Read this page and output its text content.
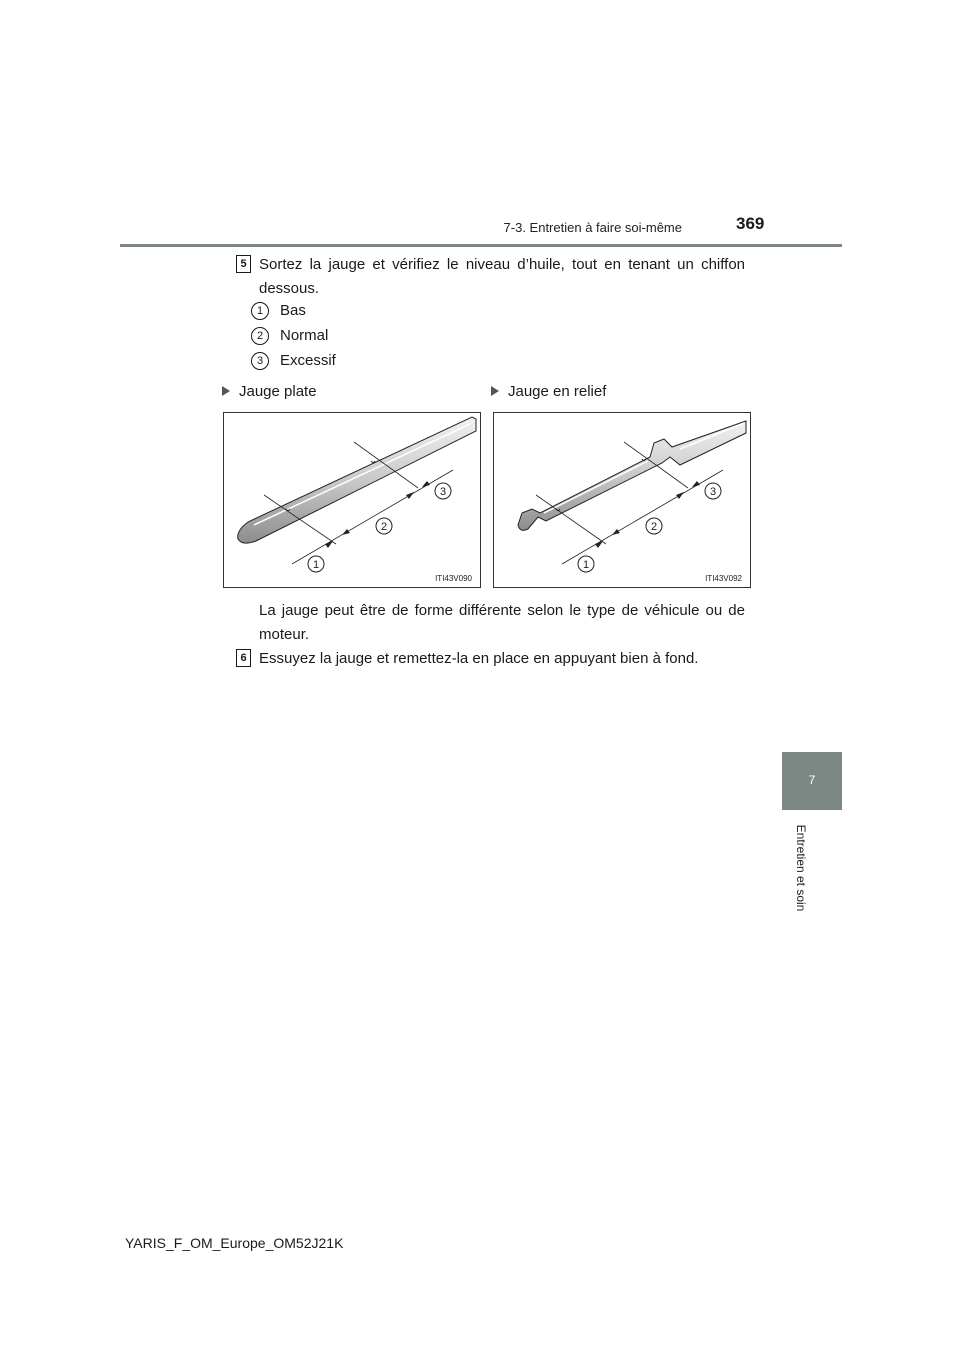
7-3. Entretien à faire soi-même	369
7
Entretien et soin
5 Sortez la jauge et vérifiez le niveau d’huile, tout en tenant un chiffon dessous.
1	Bas
2	Normal
3	Excessif
Jauge plate	Jauge en relief
1
2
3
ITI43V090
1
2
3
ITI43V092
La jauge peut être de forme différente selon le type de véhicule ou de moteur.
6 Essuyez la jauge et remettez-la en place en appuyant bien à fond.
YARIS_F_OM_Europe_OM52J21K
